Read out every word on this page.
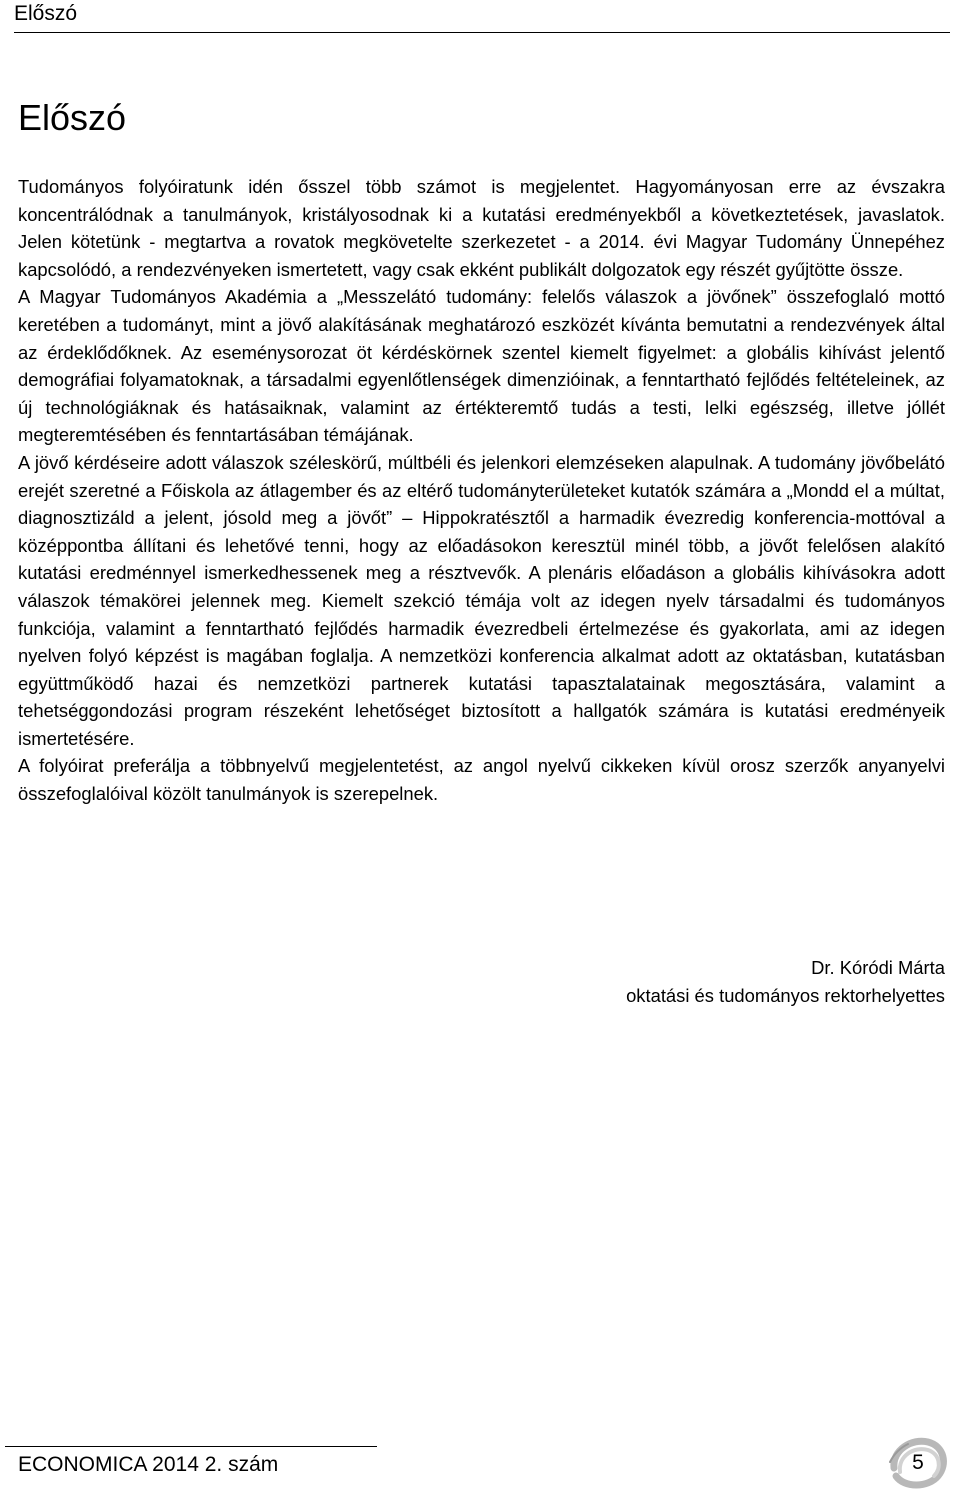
Előszó
Előszó

Tudományos folyóiratunk idén ősszel több számot is megjelentet. Hagyományosan erre az évszakra koncentrálódnak a tanulmányok, kristályosodnak ki a kutatási eredményekből a következtetések, javaslatok. Jelen kötetünk - megtartva a rovatok megkövetelte szerkezetet - a 2014. évi Magyar Tudomány Ünnepéhez kapcsolódó, a rendezvényeken ismertetett, vagy csak ekként publikált dolgozatok egy részét gyűjtötte össze.

A Magyar Tudományos Akadémia a „Messzelátó tudomány: felelős válaszok a jövőnek” összefoglaló mottó keretében a tudományt, mint a jövő alakításának meghatározó eszközét kívánta bemutatni a rendezvények által az érdeklődőknek. Az eseménysorozat öt kérdéskörnek szentel kiemelt figyelmet: a globális kihívást jelentő demográfiai folyamatoknak, a társadalmi egyenlőtlenségek dimenzióinak, a fenntartható fejlődés feltételeinek, az új technológiáknak és hatásaiknak, valamint az értékteremtő tudás a testi, lelki egészség, illetve jóllét megteremtésében és fenntartásában témájának.

A jövő kérdéseire adott válaszok széleskörű, múltbéli és jelenkori elemzéseken alapulnak. A tudomány jövőbelátó erejét szeretné a Főiskola az átlagember és az eltérő tudományterületeket kutatók számára a „Mondd el a múltat, diagnosztizáld a jelent, jósold meg a jövőt” – Hippokratésztől a harmadik évezredig konferencia-mottóval a középpontba állítani és lehetővé tenni, hogy az előadásokon keresztül minél több, a jövőt felelősen alakító kutatási eredménnyel ismerkedhessenek meg a résztvevők. A plenáris előadáson a globális kihívásokra adott válaszok témakörei jelennek meg. Kiemelt szekció témája volt az idegen nyelv társadalmi és tudományos funkciója, valamint a fenntartható fejlődés harmadik évezredbeli értelmezése és gyakorlata, ami az idegen nyelven folyó képzést is magában foglalja. A nemzetközi konferencia alkalmat adott az oktatásban, kutatásban együttműködő hazai és nemzetközi partnerek kutatási tapasztalatainak megosztására, valamint a tehetséggondozási program részeként lehetőséget biztosított a hallgatók számára is kutatási eredményeik ismertetésére.

A folyóirat preferálja a többnyelvű megjelentetést, az angol nyelvű cikkeken kívül orosz szerzők anyanyelvi összefoglalóival közölt tanulmányok is szerepelnek.

Dr. Kóródi Márta
oktatási és tudományos rektorhelyettes
ECONOMICA 2014 2. szám	5
